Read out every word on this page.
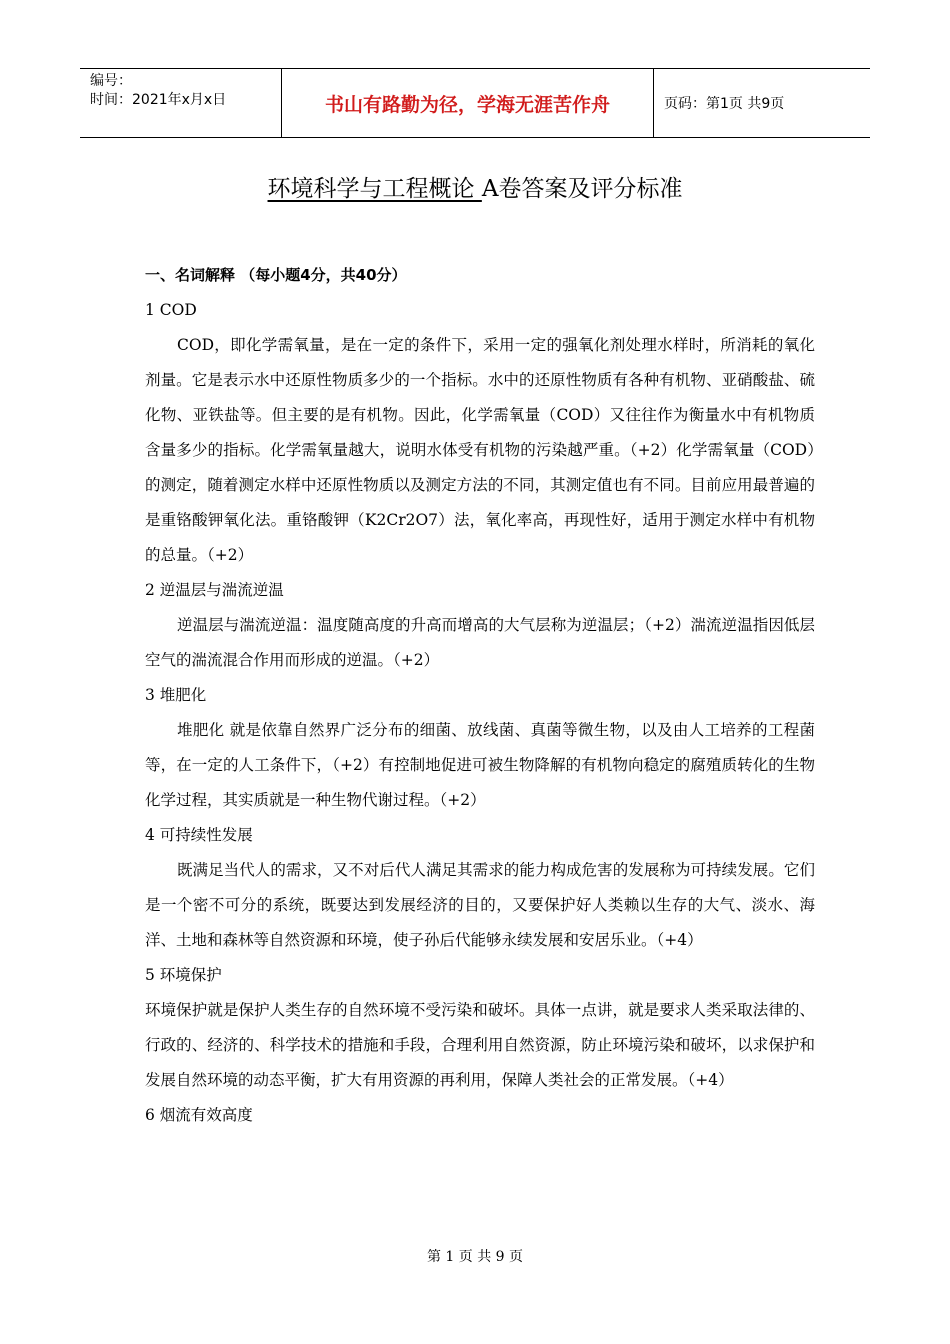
编号：
时间：2021年x月x日	书山有路勤为径，学海无涯苦作舟	页码：第1页 共9页
环境科学与工程概论 A卷答案及评分标准
一、名词解释 （每小题4分，共40分）
1 COD

COD，即化学需氧量，是在一定的条件下，采用一定的强氧化剂处理水样时，所消耗的氧化剂量。它是表示水中还原性物质多少的一个指标。水中的还原性物质有各种有机物、亚硝酸盐、硫化物、亚铁盐等。但主要的是有机物。因此，化学需氧量（COD）又往往作为衡量水中有机物质含量多少的指标。化学需氧量越大，说明水体受有机物的污染越严重。（+2）化学需氧量（COD）的测定，随着测定水样中还原性物质以及测定方法的不同，其测定值也有不同。目前应用最普遍的是重铬酸钾氧化法。重铬酸钾（K2Cr2O7）法，氧化率高，再现性好，适用于测定水样中有机物的总量。（+2）

2 逆温层与湍流逆温

逆温层与湍流逆温：温度随高度的升高而增高的大气层称为逆温层；（+2）湍流逆温指因低层空气的湍流混合作用而形成的逆温。（+2）

3 堆肥化

堆肥化 就是依靠自然界广泛分布的细菌、放线菌、真菌等微生物，以及由人工培养的工程菌等，在一定的人工条件下，（+2）有控制地促进可被生物降解的有机物向稳定的腐殖质转化的生物化学过程，其实质就是一种生物代谢过程。（+2）

4 可持续性发展

既满足当代人的需求，又不对后代人满足其需求的能力构成危害的发展称为可持续发展。它们是一个密不可分的系统，既要达到发展经济的目的，又要保护好人类赖以生存的大气、淡水、海洋、土地和森林等自然资源和环境，使子孙后代能够永续发展和安居乐业。（+4）

5 环境保护

环境保护就是保护人类生存的自然环境不受污染和破坏。具体一点讲，就是要求人类采取法律的、行政的、经济的、科学技术的措施和手段，合理利用自然资源，防止环境污染和破坏，以求保护和发展自然环境的动态平衡，扩大有用资源的再利用，保障人类社会的正常发展。（+4）

6 烟流有效高度
第 1 页 共 9 页
